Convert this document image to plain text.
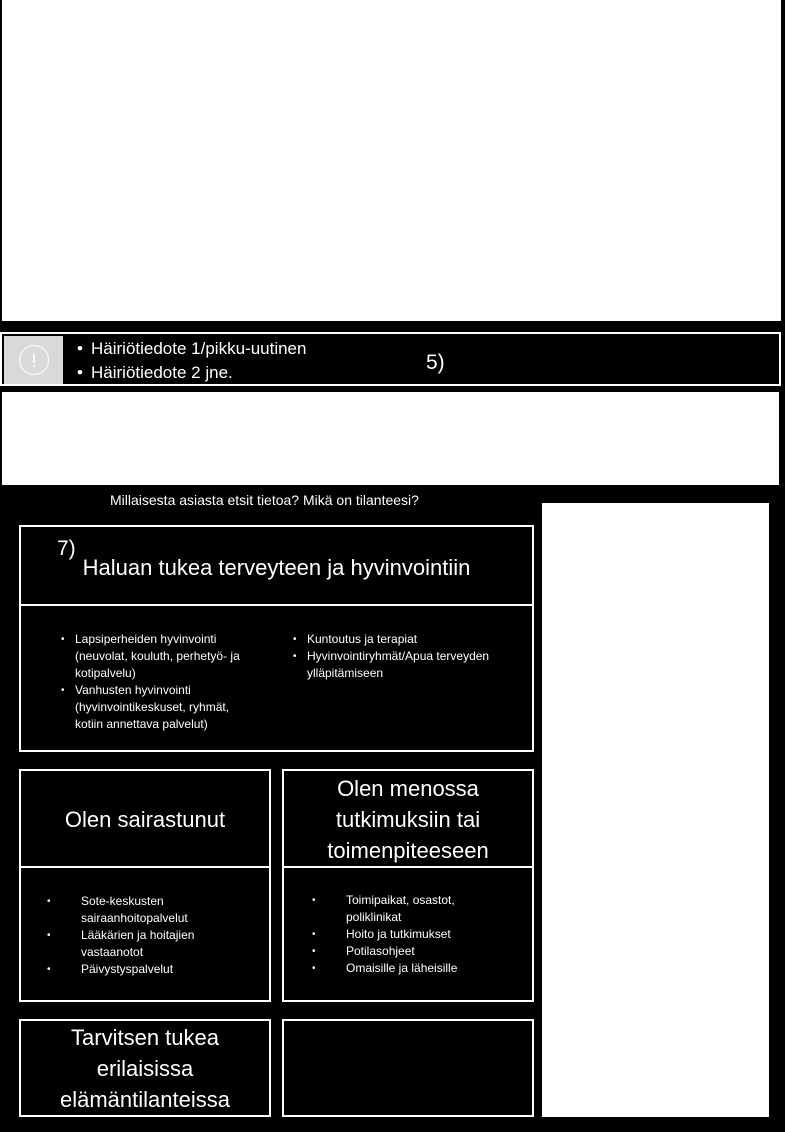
!
• Häiriötiedote 1/pikku-uutinen
• Häiriötiedote 2 jne.	5)
Millaisesta asiasta etsit tietoa? Mikä on tilanteesi?
7)
Haluan tukea terveyteen ja hyvinvointiin
• Lapsiperheiden hyvinvointi (neuvolat, kouluth, perhetyö- ja kotipalvelu)
• Vanhusten hyvinvointi (hyvinvointikeskuset, ryhmät, kotiin annettava palvelut)
• Kuntoutus ja terapiat
• Hyvinvointiryhmät/Apua terveyden ylläpitämiseen
Olen sairastunut
• Sote-keskusten sairaanhoitopalvelut
• Lääkärien ja hoitajien vastaanotot
• Päivystyspalvelut
Olen menossa tutkimuksiin tai toimenpiteeseen
• Toimipaikat, osastot, poliklinikat
• Hoito ja tutkimukset
• Potilasohjeet
• Omaisille ja läheisille
Tarvitsen tukea erilaisissa elämäntilanteissa
